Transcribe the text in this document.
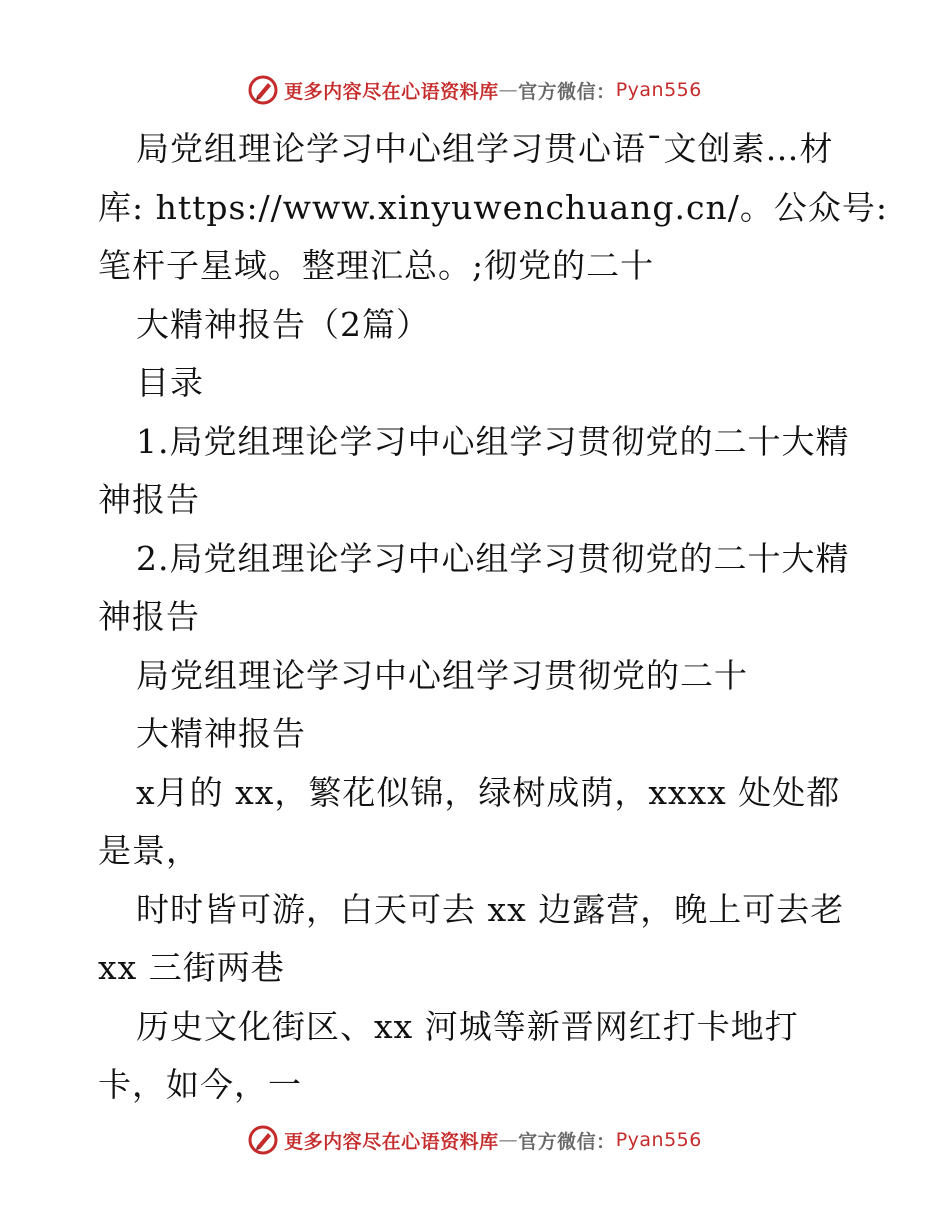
更多内容尽在心语资料库 — 官方微信： Pyan556
局党组理论学习中心组学习贯心语¯文创素…材
库: https://www.xinyuwenchuang.cn/。公众号:
笔杆子星域。整理汇总。;彻党的二十
大精神报告（2篇）
目录
1.局党组理论学习中心组学习贯彻党的二十大精
神报告
2.局党组理论学习中心组学习贯彻党的二十大精
神报告
局党组理论学习中心组学习贯彻党的二十
大精神报告
x月的 xx，繁花似锦，绿树成荫，xxxx 处处都
是景，
时时皆可游，白天可去 xx 边露营，晚上可去老
xx 三街两巷
历史文化街区、xx 河城等新晋网红打卡地打
卡，如今，一
更多内容尽在心语资料库 — 官方微信： Pyan556
